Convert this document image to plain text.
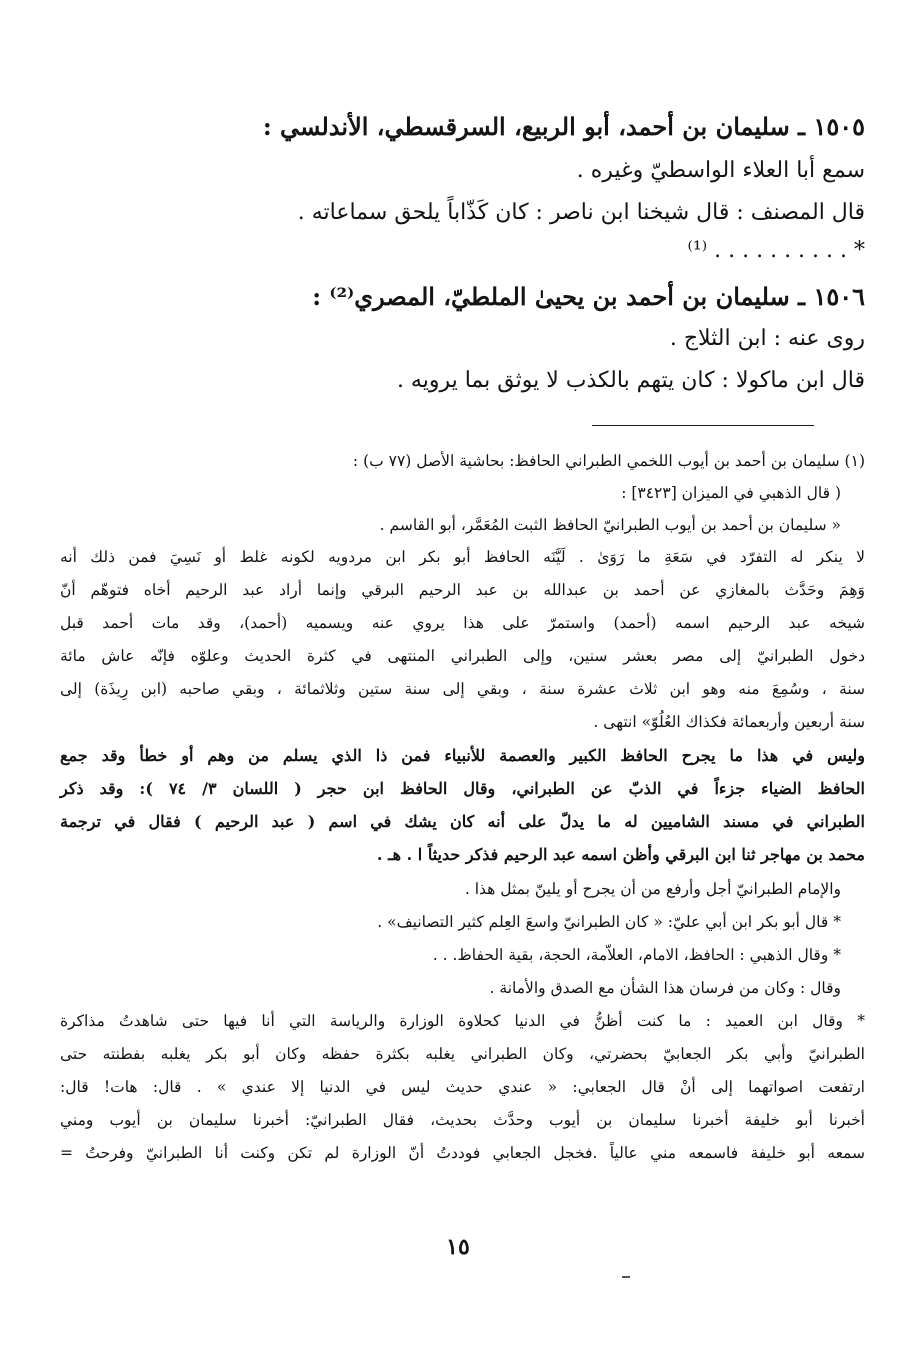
١٥٠٥ ـ سليمان بن أحمد، أبو الربيع، السرقسطي، الأندلسي :
سمع أبا العلاء الواسطيّ وغيره .
قال المصنف : قال شيخنا ابن ناصر : كان كَذّاباً يلحق سماعاته .
* . . . . . . . . . . ⁽¹⁾
١٥٠٦ ـ سليمان بن أحمد بن يحيىٰ الملطيّ، المصري⁽²⁾ :
روى عنه : ابن الثلاج .
قال ابن ماكولا : كان يتهم بالكذب لا يوثق بما يرويه .
(١) سليمان بن أحمد بن أيوب اللخمي الطبراني الحافظ: بحاشية الأصل (٧٧ ب) :
( قال الذهبي في الميزان [٣٤٢٣] :
« سليمان بن أحمد بن أيوب الطبرانيّ الحافظ الثبت المُعَمَّر، أبو القاسم .
لا ينكر له التفرّد في سَعَةِ ما رَوَىٰ . لَيَّنَه الحافظ أبو بكر ابن مردويه لكونه غلط أو نَسِيَ فمن ذلك أنه
وَهِمَ وحَدَّث بالمغازي عن أحمد بن عبدالله بن عبد الرحيم البرقي وإنما أراد عبد الرحيم أخاه فتوهّم أنّ
شيخه عبد الرحيم اسمه (أحمد) واستمرّ على هذا يروي عنه ويسميه (أحمد)، وقد مات أحمد قبل
دخول الطبرانيّ إلى مصر بعشر سنين، وإلى الطبراني المنتهى في كثرة الحديث وعلوّه فإنّه عاش مائة
سنة ، وسُمِعَ منه وهو ابن ثلاث عشرة سنة ، وبقي إلى سنة ستين وثلاثمائة ، وبقي صاحبه (ابن رِيذَة) إلى
سنة أربعين وأربعمائة فكذاك العُلُوّ» انتهى .
وليس في هذا ما يجرح الحافظ الكبير والعصمة للأنبياء فمن ذا الذي يسلم من وهم أو خطأ وقد جمع
الحافظ الضياء جزءاً في الذبّ عن الطبراني، وقال الحافظ ابن حجر ( اللسان ٣/ ٧٤ ): وقد ذكر
الطبراني في مسند الشاميين له ما يدلّ على أنه كان يشك في اسم ( عبد الرحيم ) فقال في ترجمة
محمد بن مهاجر ثنا ابن البرقي وأظن اسمه عبد الرحيم فذكر حديثاً ا . هـ .
والإمام الطبرانيّ أجل وأرفع من أن يجرح أو يلينّ بمثل هذا .
* قال أبو بكر ابن أبي عليّ: « كان الطبرانيّ واسعَ العِلم كثير التصانيف» .
* وقال الذهبي : الحافظ، الامام، العلاّمة، الحجة، بقية الحفاظ. . .
وقال : وكان من فرسان هذا الشأن مع الصدق والأمانة .
* وقال ابن العميد : ما كنت أظنُّ في الدنيا كحلاوة الوزارة والرياسة التي أنا فيها حتى شاهدتُ مذاكرة
الطبرانيّ وأبي بكر الجعابيّ بحضرتي، وكان الطبراني يغلبه بكثرة حفظه وكان أبو بكر يغلبه بفطنته حتى
ارتفعت اصواتهما إلى أنْ قال الجعابي: « عندي حديث ليس في الدنيا إلا عندي » . قال: هات! قال:
أخبرنا أبو خليفة أخبرنا سليمان بن أيوب وحدَّث بحديث، فقال الطبرانيّ: أخبرنا سليمان بن أيوب ومني
سمعه أبو خليفة فاسمعه مني عالياً .فخجل الجعابي فوددتُ أنّ الوزارة لم تكن وكنت أنا الطبرانيّ وفرحتُ =
١٥
